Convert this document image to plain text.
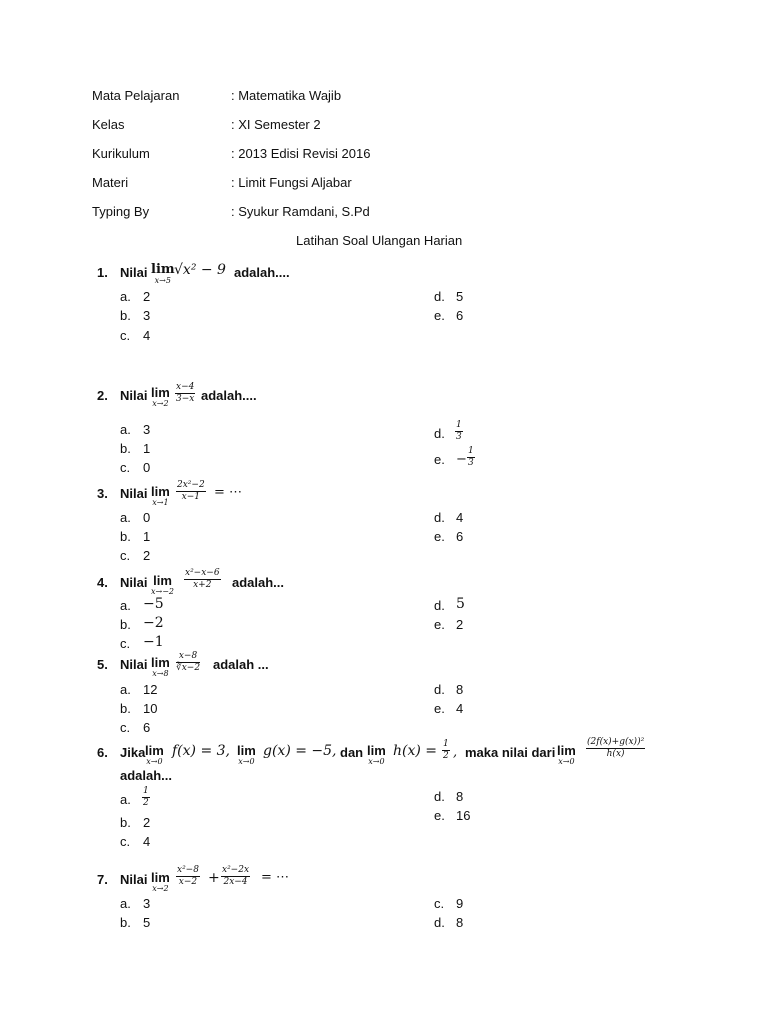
Mata Pelajaran	: Matematika Wajib
Kelas	: XI Semester 2
Kurikulum	: 2013 Edisi Revisi 2016
Materi	: Limit Fungsi Aljabar
Typing By	: Syukur Ramdani, S.Pd
Latihan Soal Ulangan Harian
1. Nilai lim
x→5
√x² − 9 adalah....
a. 2
b. 3
c. 4
d. 5
e. 6
2. Nilai lim
$x\to 2 \frac{x-4}{3-x}$ adalah....
a. 3
b. 1
c. 0
d. $\frac{1}{3}$
e. − $\frac{1}{3}$
3. Nilai lim
x→1
$\frac{\text{2x²−2}}{x-1}$ = ⋯
a. 0
b. 1
c. 2
d. 4
e. 6
4. Nilai lim
x→−2
$\frac{\text{x²−x−6}}{x+2}$ adalah...
a. −5
b. −2
c. −1
d. 5
e. 2
5. Nilai lim
x→8
$\frac{x-8}{∛x-2}$ adalah ...
a. 12
b. 10
c. 6
d. 8
e. 4
6. Jika lim
x→0
f(x) = 3, lim
x→0
g(x) = −5, dan lim
x→0
$h(x) = \frac{1}{2}$ , maka nilai dari lim
x→0
$\frac{\text{(2f(x)+g(x))²}}{h(x)}$
adalah...
a. $\frac{1}{2}$
b. 2
c. 4
d. 8
e. 16
7. Nilai lim
x→2
$\frac{\text{x²−8}}{x-2} + \frac{\text{x²−2x}}{2x-4}$ = ⋯
a. 3
b. 5
c. 9
d. 8
